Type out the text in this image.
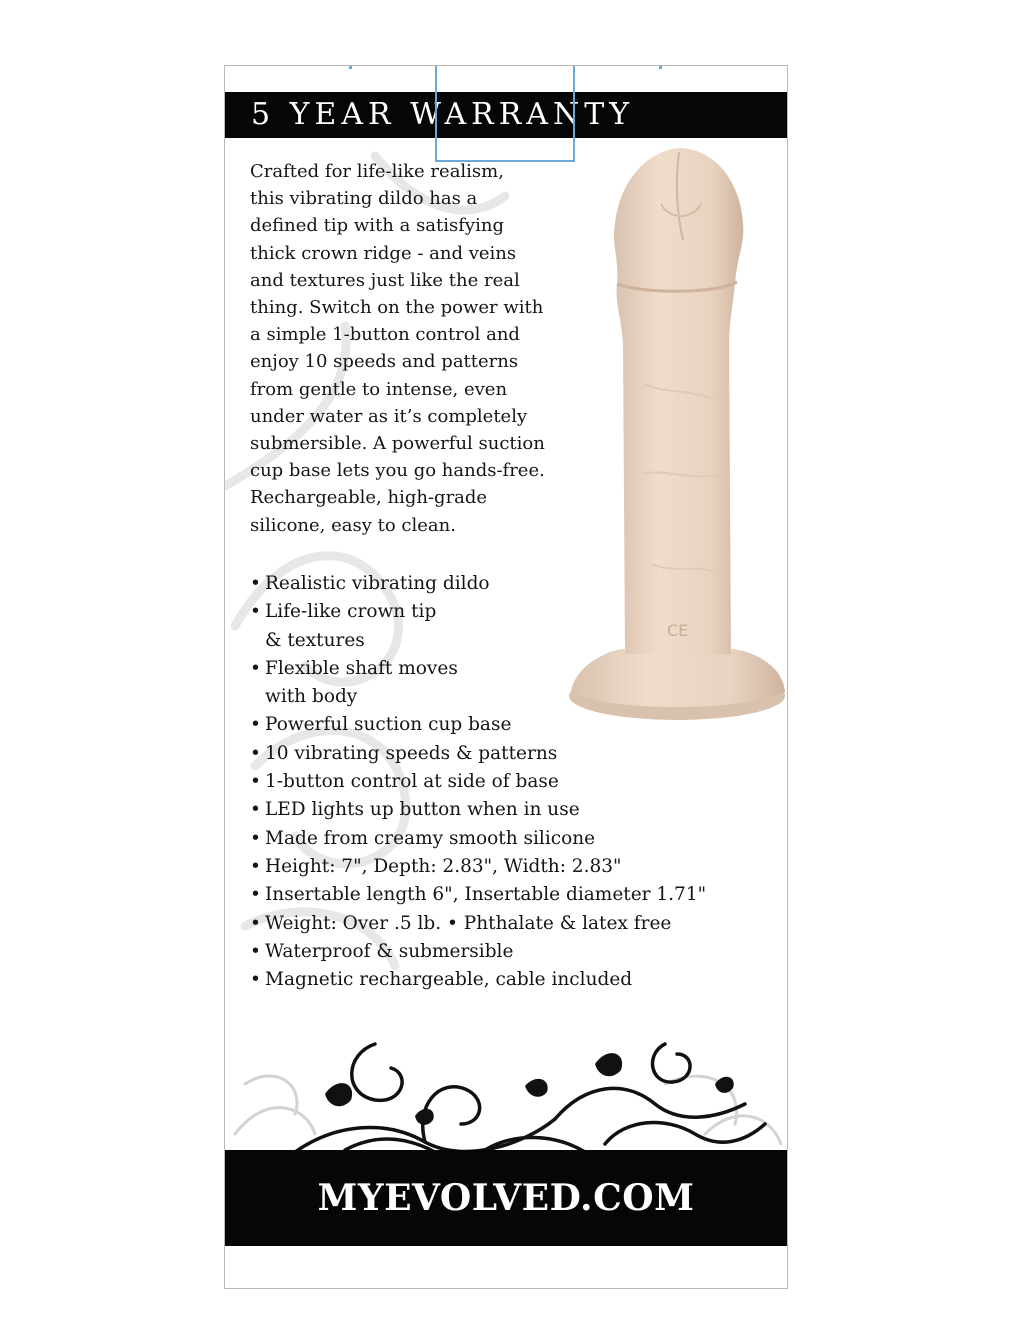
5 YEAR WARRANTY

Crafted for life-like realism,
this vibrating dildo has a
defined tip with a satisfying
thick crown ridge - and veins
and textures just like the real
thing. Switch on the power with
a simple 1-button control and
enjoy 10 speeds and patterns
from gentle to intense, even
under water as it’s completely
submersible. A powerful suction
cup base lets you go hands-free.
Rechargeable, high-grade
silicone, easy to clean.

CE
• Realistic vibrating dildo
• Life-like crown tip
& textures
• Flexible shaft moves
with body
• Powerful suction cup base
• 10 vibrating speeds & patterns
• 1-button control at side of base
• LED lights up button when in use
• Made from creamy smooth silicone
• Height: 7", Depth: 2.83", Width: 2.83"
• Insertable length 6", Insertable diameter 1.71"
• Weight: Over .5 lb. • Phthalate & latex free
• Waterproof & submersible
• Magnetic rechargeable, cable included
MYEVOLVED.COM
